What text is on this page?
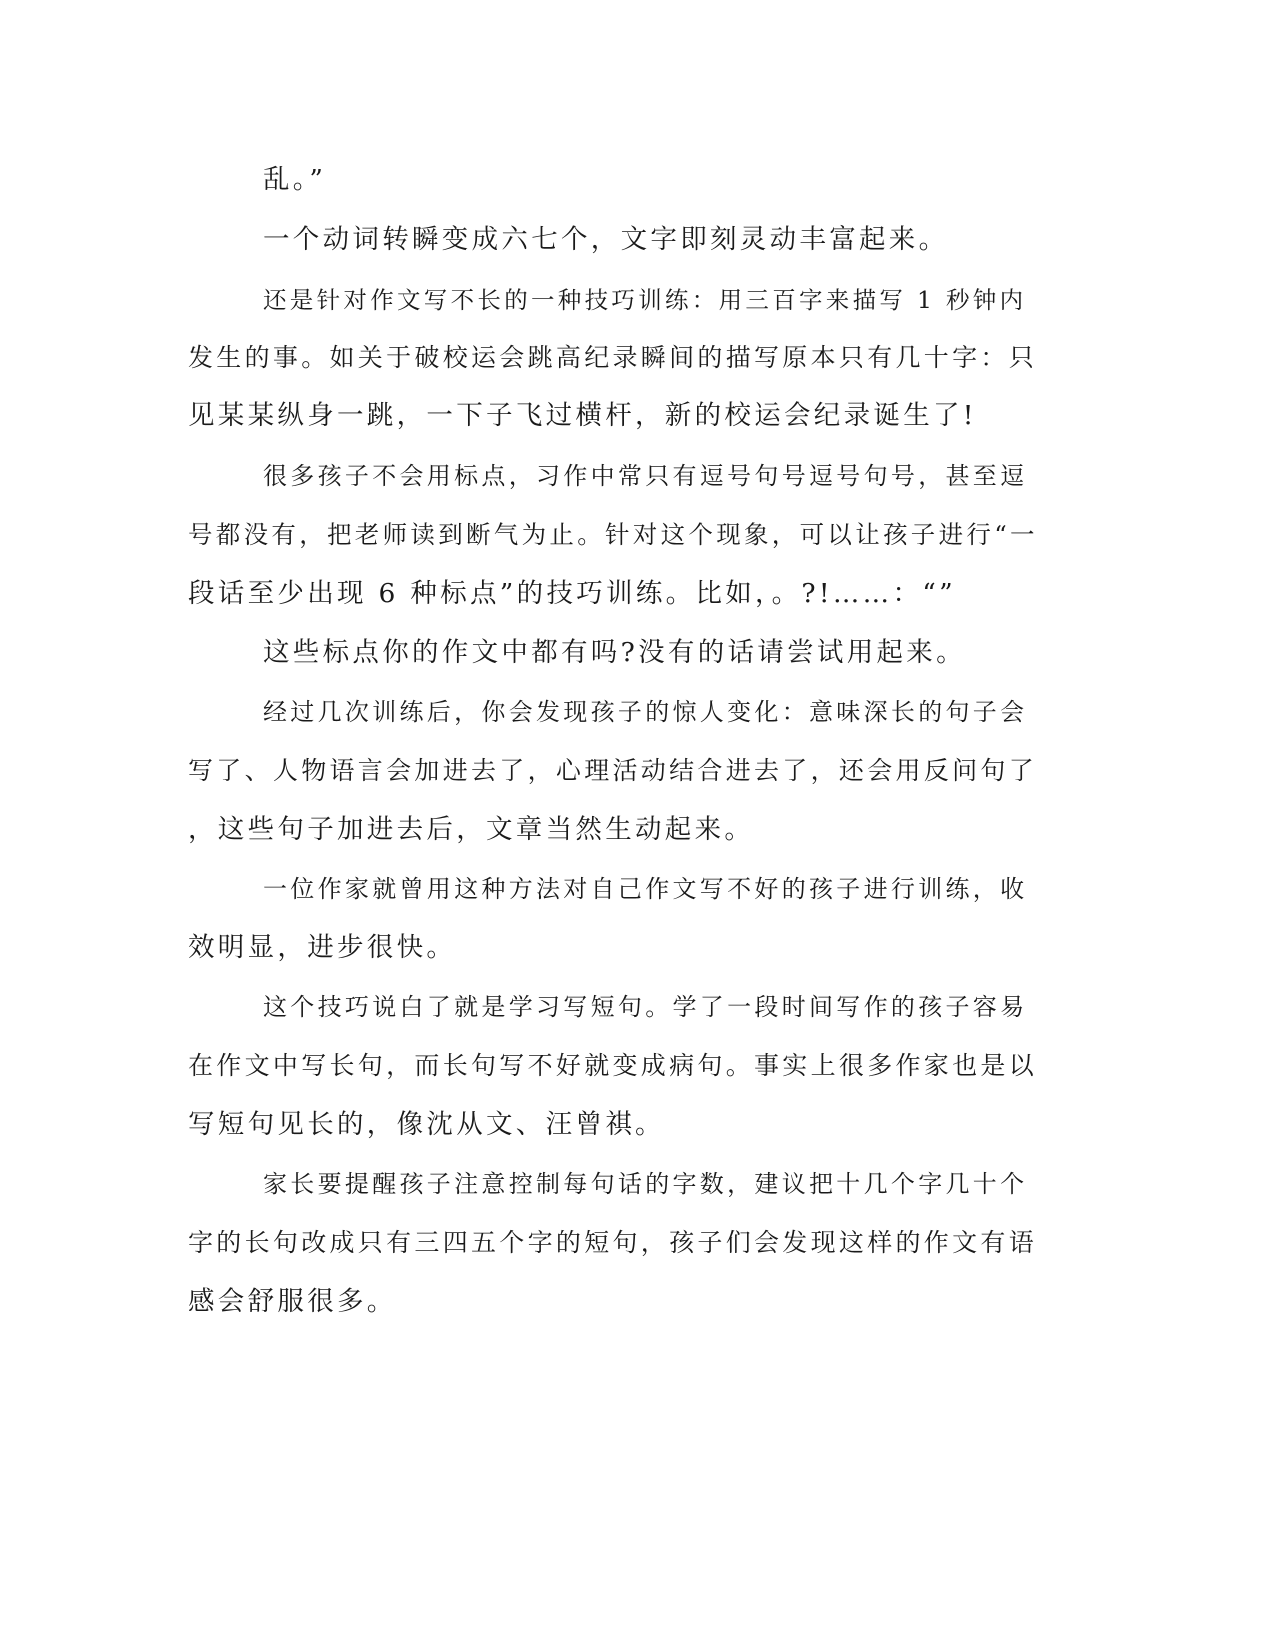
乱。”

一个动词转瞬变成六七个，文字即刻灵动丰富起来。

还是针对作文写不长的一种技巧训练：用三百字来描写 1 秒钟内

发生的事。如关于破校运会跳高纪录瞬间的描写原本只有几十字：只

见某某纵身一跳，一下子飞过横杆，新的校运会纪录诞生了!

很多孩子不会用标点，习作中常只有逗号句号逗号句号，甚至逗

号都没有，把老师读到断气为止。针对这个现象，可以让孩子进行“一

段话至少出现 6 种标点”的技巧训练。比如，。?!……：“”

这些标点你的作文中都有吗?没有的话请尝试用起来。

经过几次训练后，你会发现孩子的惊人变化：意味深长的句子会

写了、人物语言会加进去了，心理活动结合进去了，还会用反问句了

，这些句子加进去后，文章当然生动起来。

一位作家就曾用这种方法对自己作文写不好的孩子进行训练，收

效明显，进步很快。

这个技巧说白了就是学习写短句。学了一段时间写作的孩子容易

在作文中写长句，而长句写不好就变成病句。事实上很多作家也是以

写短句见长的，像沈从文、汪曾祺。

家长要提醒孩子注意控制每句话的字数，建议把十几个字几十个

字的长句改成只有三四五个字的短句，孩子们会发现这样的作文有语

感会舒服很多。
